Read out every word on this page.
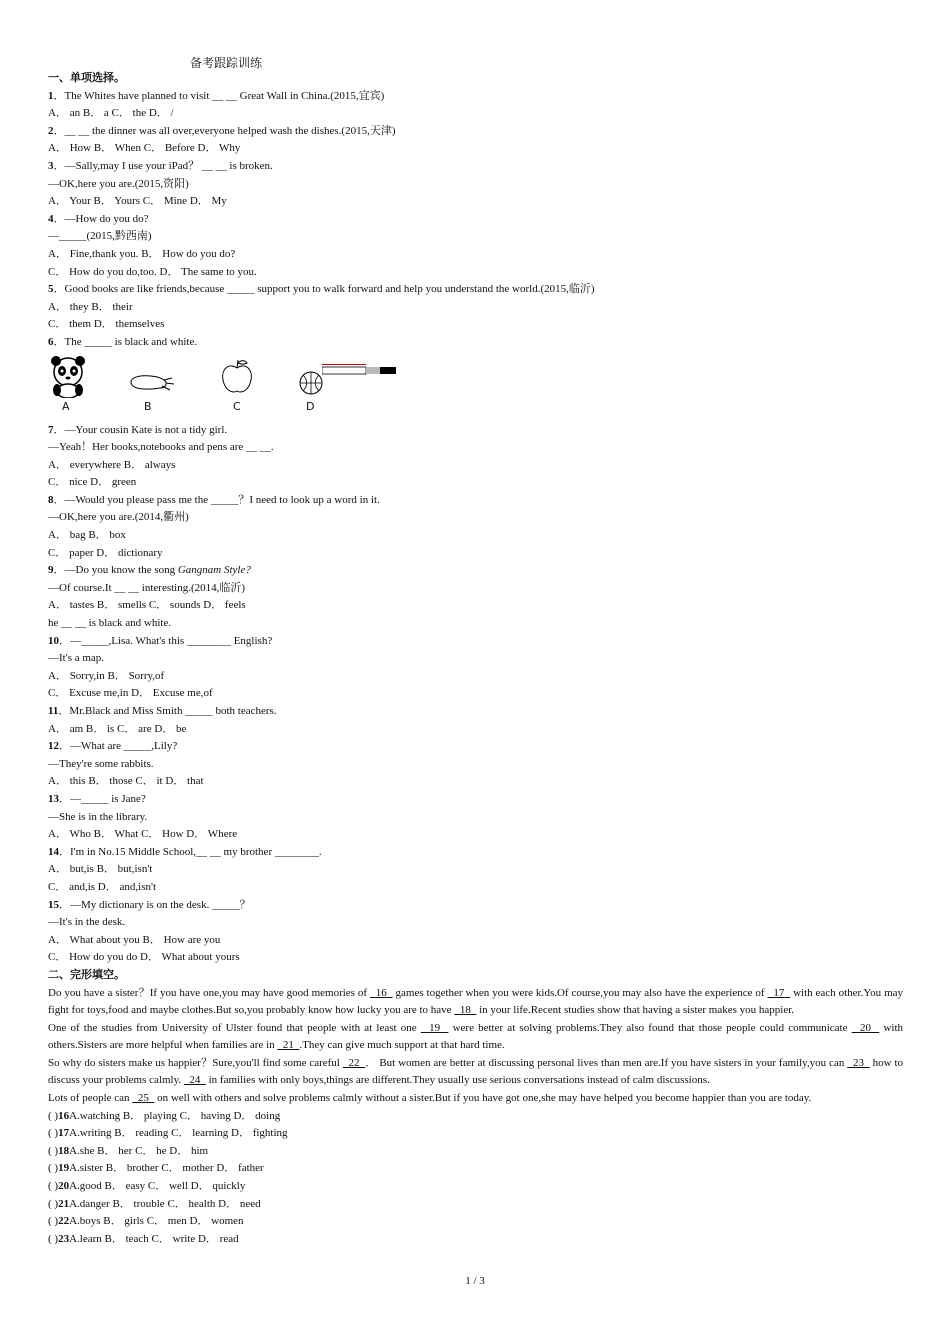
备考跟踪训练
一、单项选择。
1．The Whites have planned to visit __ __ Great Wall in China.(2015,宜宾)
A． an B． a C． the D． /
2．__ __ the dinner was all over,everyone helped wash the dishes.(2015,天津)
A． How B． When C． Before D． Why
3．—Sally,may I use your iPad？ __ __ is broken.
—OK,here you are.(2015,资阳)
A． Your B． Yours C． Mine D． My
4．—How do you do?
—_____(2015,黔西南)
A． Fine,thank you. B． How do you do?
C． How do you do,too. D． The same to you.
5．Good books are like friends,because _____ support you to walk forward and help you understand the world.(2015,临沂)
A． they B． their
C． them D． themselves
6．The _____ is black and white.
A	B	C	D
7．—Your cousin Kate is not a tidy girl.
—Yeah！Her books,notebooks and pens are __ __.
A． everywhere B． always
C． nice D． green
8．—Would you please pass me the _____？I need to look up a word in it.
—OK,here you are.(2014,衢州)
A． bag B． box
C． paper D． dictionary
9．—Do you know the song Gangnam Style?
—Of course.It __ __ interesting.(2014,临沂)
A． tastes B． smells C． sounds D． feels
he __ __ is black and white.
10．—_____,Lisa. What's this ________ English?
—It's a map.
A． Sorry,in B． Sorry,of
C． Excuse me,in D． Excuse me,of
11．Mr.Black and Miss Smith _____ both teachers.
A． am B． is C． are D． be
12．—What are _____,Lily?
—They're some rabbits.
A． this B． those C． it D． that
13．—_____ is Jane?
—She is in the library.
A． Who B． What C． How D． Where
14．I'm in No.15 Middle School,__ __ my brother ________.
A． but,is B． but,isn't
C． and,is D． and,isn't
15．—My dictionary is on the desk. _____？
—It's in the desk.
A． What about you B． How are you
C． How do you do D． What about yours
二、完形填空。
Do you have a sister？If you have one,you may have good memories of   16   games together when you were kids.Of course,you may also have the experience of   17   with each other.You may fight for toys,food and maybe clothes.But so,you probably know how lucky you are to have   18   in your life.Recent studies show that having a sister makes you happier.
One of the studies from University of Ulster found that people with at least one   19   were better at solving problems.They also found that those people could communicate   20   with others.Sisters are more helpful when families are in   21 .They can give much support at that hard time.
So why do sisters make us happier？Sure,you'll find some careful   22 ． But women are better at discussing personal lives than men are.If you have sisters in your family,you can   23   how to discuss your problems calmly.   24   in families with only boys,things are different.They usually use serious conversations instead of calm discussions.
Lots of people can   25   on well with others and solve problems calmly without a sister.But if you have got one,she may have helped you become happier than you are today.
( )16A.watching B． playing C． having D． doing
( )17A.writing B． reading C． learning D． fighting
( )18A.she B． her C． he D． him
( )19A.sister B． brother C． mother D． father
( )20A.good B． easy C． well D． quickly
( )21A.danger B． trouble C． health D． need
( )22A.boys B． girls C． men D． women
( )23A.learn B． teach C． write D． read
1 / 3
